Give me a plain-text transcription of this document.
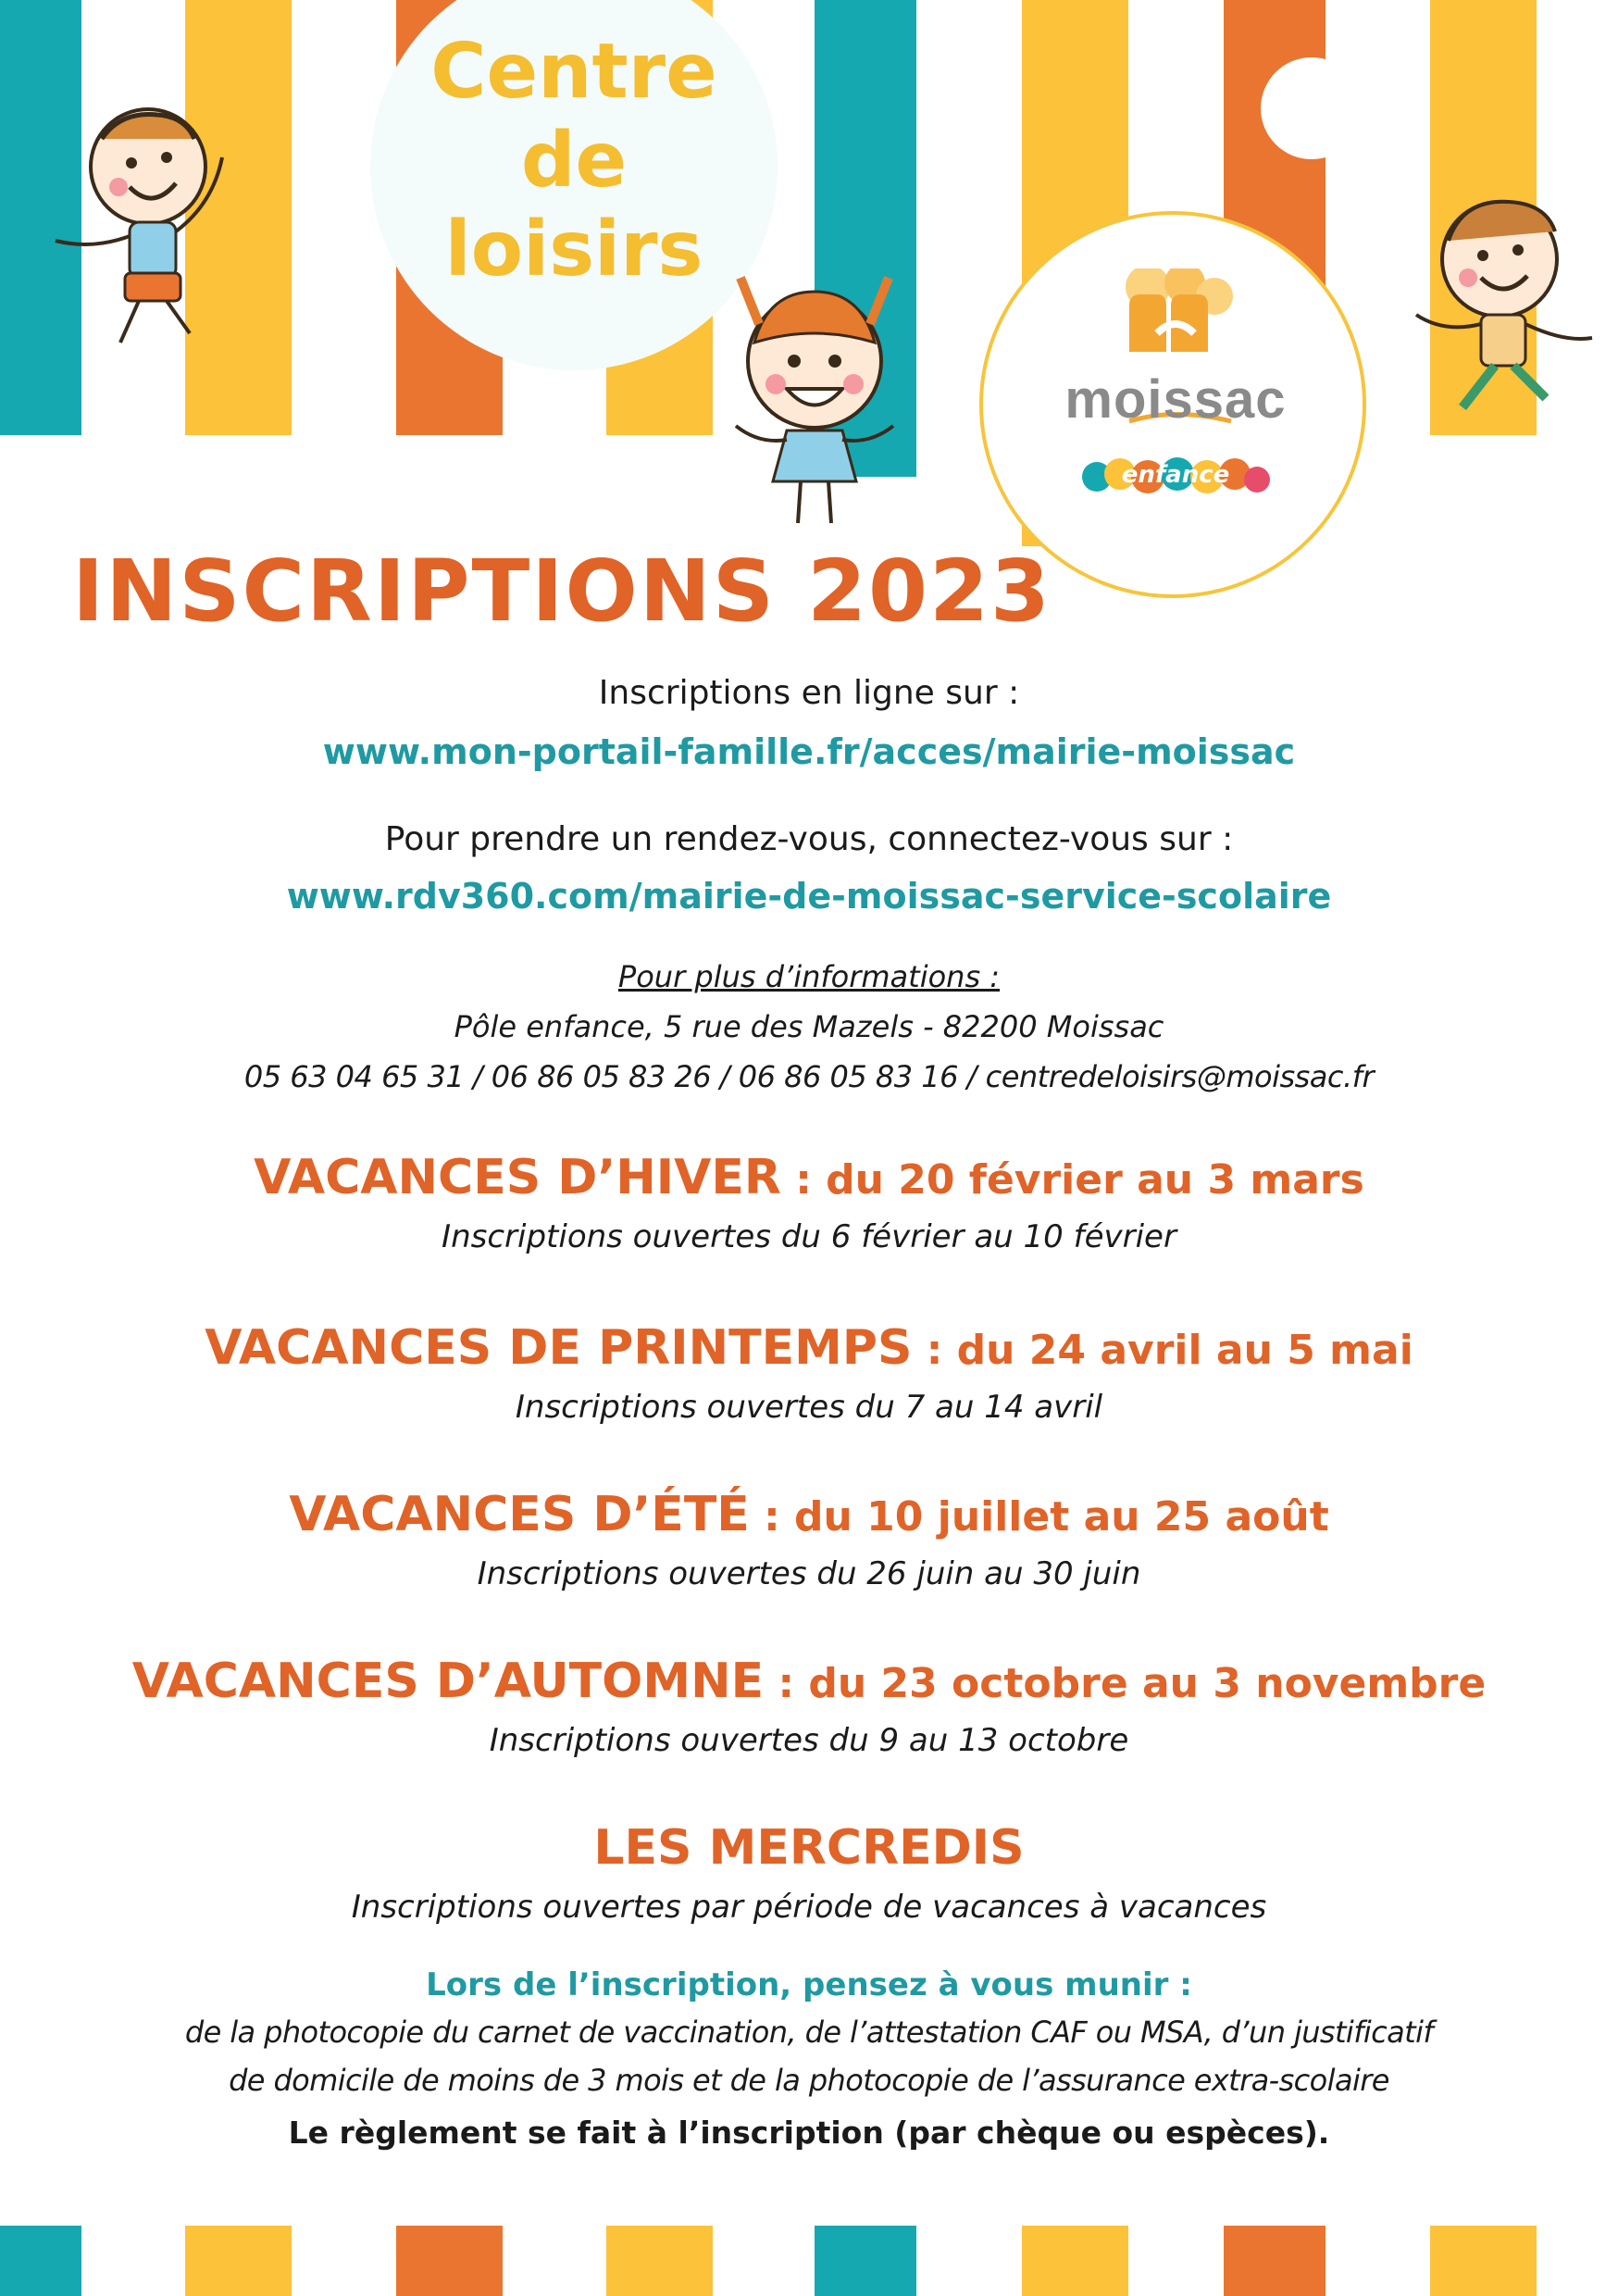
Centre
de
loisirs
moissac
enfance
INSCRIPTIONS 2023
Inscriptions en ligne sur :
www.mon-portail-famille.fr/acces/mairie-moissac
Pour prendre un rendez-vous, connectez-vous sur :
www.rdv360.com/mairie-de-moissac-service-scolaire
Pour plus d’informations :
Pôle enfance, 5 rue des Mazels - 82200 Moissac
05 63 04 65 31 / 06 86 05 83 26 / 06 86 05 83 16 / centredeloisirs@moissac.fr
VACANCES D’HIVER : du 20 février au 3 mars
Inscriptions ouvertes du 6 février au 10 février
VACANCES DE PRINTEMPS : du 24 avril au 5 mai
Inscriptions ouvertes du 7 au 14 avril
VACANCES D’ÉTÉ : du 10 juillet au 25 août
Inscriptions ouvertes du 26 juin au 30 juin
VACANCES D’AUTOMNE : du 23 octobre au 3 novembre
Inscriptions ouvertes du 9 au 13 octobre
LES MERCREDIS
Inscriptions ouvertes par période de vacances à vacances
Lors de l’inscription, pensez à vous munir :
de la photocopie du carnet de vaccination, de l’attestation CAF ou MSA, d’un justificatif
de domicile de moins de 3 mois et de la photocopie de l’assurance extra-scolaire
Le règlement se fait à l’inscription (par chèque ou espèces).
